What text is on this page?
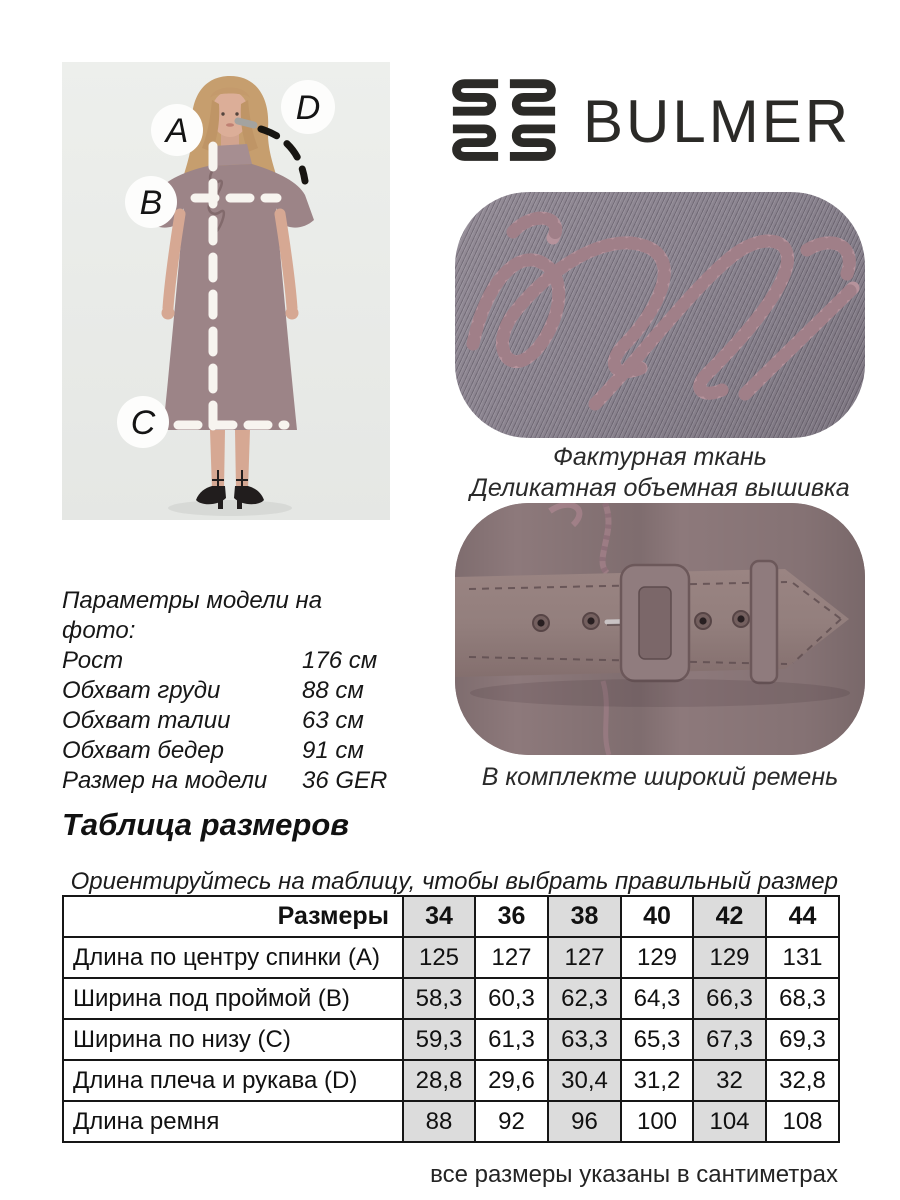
A
B
C
D	BULMER
Фактурная ткань
Деликатная объемная вышивка
В комплекте широкий ремень
Параметры модели на фото:
Рост	176 см
Обхват груди	88 см
Обхват талии	63 см
Обхват бедер	91 см
Размер на модели	36 GER
Таблица размеров
Ориентируйтесь на таблицу, чтобы выбрать правильный размер
Размеры	34	36	38	40	42	44
Длина по центру спинки (A)	125	127	127	129	129	131
Ширина под проймой (B)	58,3	60,3	62,3	64,3	66,3	68,3
Ширина по низу (C)	59,3	61,3	63,3	65,3	67,3	69,3
Длина плеча и рукава (D)	28,8	29,6	30,4	31,2	32	32,8
Длина ремня	88	92	96	100	104	108
все размеры указаны в сантиметрах
